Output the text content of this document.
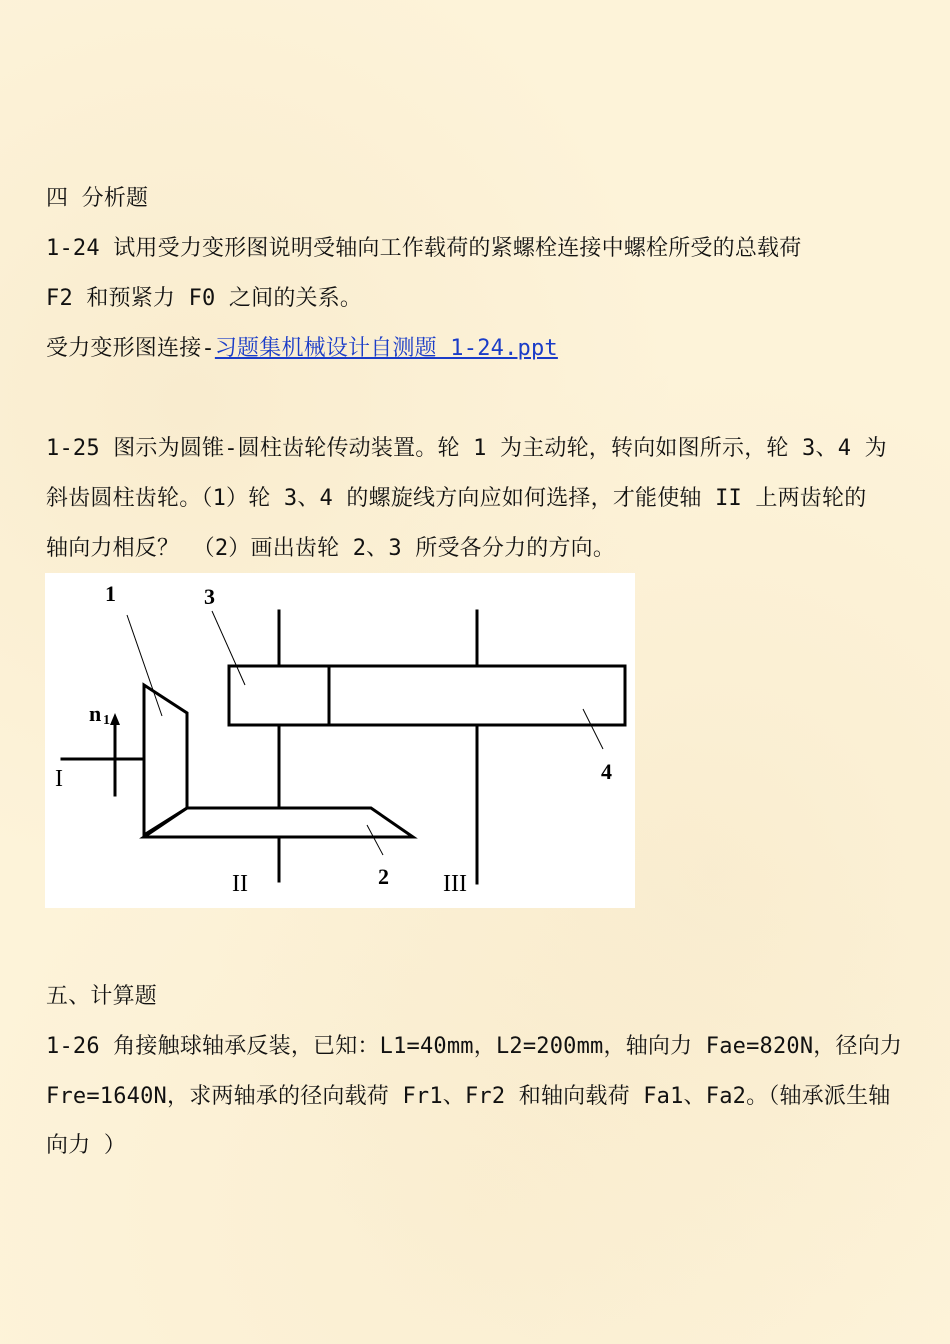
四 分析题
1-24 试用受力变形图说明受轴向工作载荷的紧螺栓连接中螺栓所受的总载荷
F2 和预紧力 F0 之间的关系。
受力变形图连接-习题集机械设计自测题 1-24.ppt
1-25 图示为圆锥-圆柱齿轮传动装置。轮 1 为主动轮，转向如图所示，轮 3、4 为
斜齿圆柱齿轮。（1）轮 3、4 的螺旋线方向应如何选择，才能使轴 II 上两齿轮的
轴向力相反？ （2）画出齿轮 2、3 所受各分力的方向。
1	3
4
2
n 1
I
II	III
五、计算题
1-26 角接触球轴承反装，已知：L1=40mm，L2=200mm，轴向力 Fae=820N，径向力
Fre=1640N，求两轴承的径向载荷 Fr1、Fr2 和轴向载荷 Fa1、Fa2。（轴承派生轴
向力 ）
